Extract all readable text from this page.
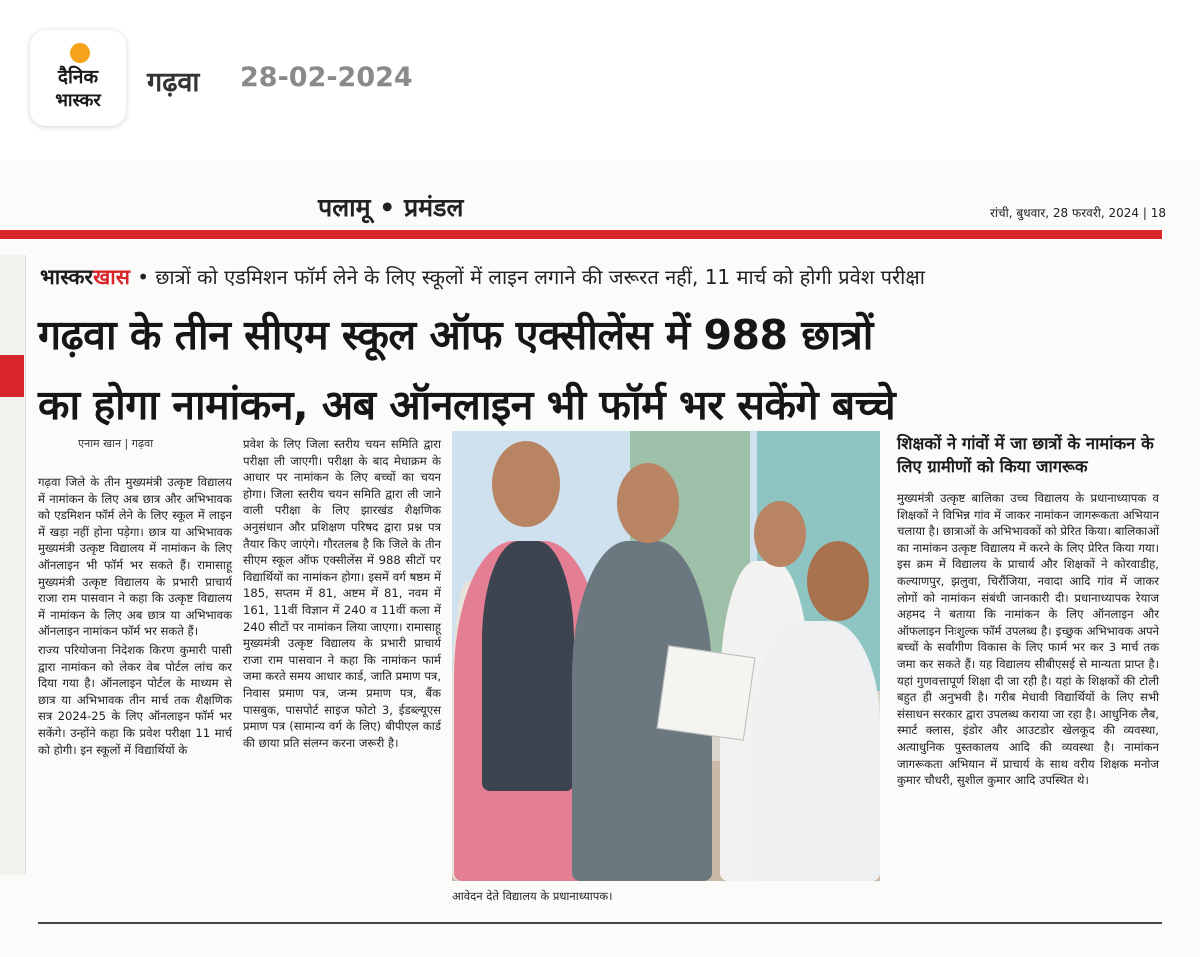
दैनिक
भास्कर
गढ़वा 28-02-2024
पलामू • प्रमंडल	रांची, बुधवार, 28 फरवरी, 2024 | 18
भास्करखास • छात्रों को एडमिशन फॉर्म लेने के लिए स्कूलों में लाइन लगाने की जरूरत नहीं, 11 मार्च को होगी प्रवेश परीक्षा
गढ़वा के तीन सीएम स्कूल ऑफ एक्सीलेंस में 988 छात्रों
का होगा नामांकन, अब ऑनलाइन भी फॉर्म भर सकेंगे बच्चे
एनाम खान | गढ़वा

गढ़वा जिले के तीन मुख्यमंत्री उत्कृष्ट विद्यालय में नामांकन के लिए अब छात्र और अभिभावक को एडमिशन फॉर्म लेने के लिए स्कूल में लाइन में खड़ा नहीं होना पड़ेगा। छात्र या अभिभावक मुख्यमंत्री उत्कृष्ट विद्यालय में नामांकन के लिए ऑनलाइन भी फॉर्म भर सकते हैं। रामासाहू मुख्यमंत्री उत्कृष्ट विद्यालय के प्रभारी प्राचार्य राजा राम पासवान ने कहा कि उत्कृष्ट विद्यालय में नामांकन के लिए अब छात्र या अभिभावक ऑनलाइन नामांकन फॉर्म भर सकते हैं।

राज्य परियोजना निदेशक किरण कुमारी पासी द्वारा नामांकन को लेकर वेब पोर्टल लांच कर दिया गया है। ऑनलाइन पोर्टल के माध्यम से छात्र या अभिभावक तीन मार्च तक शैक्षणिक सत्र 2024-25 के लिए ऑनलाइन फॉर्म भर सकेंगे। उन्होंने कहा कि प्रवेश परीक्षा 11 मार्च को होगी। इन स्कूलों में विद्यार्थियों के

प्रवेश के लिए जिला स्तरीय चयन समिति द्वारा परीक्षा ली जाएगी। परीक्षा के बाद मेधाक्रम के आधार पर नामांकन के लिए बच्चों का चयन होगा। जिला स्तरीय चयन समिति द्वारा ली जाने वाली परीक्षा के लिए झारखंड शैक्षणिक अनुसंधान और प्रशिक्षण परिषद द्वारा प्रश्न पत्र तैयार किए जाएंगे। गौरतलब है कि जिले के तीन सीएम स्कूल ऑफ एक्सीलेंस में 988 सीटों पर विद्यार्थियों का नामांकन होगा। इसमें वर्ग षष्ठम में 185, सप्तम में 81, अष्टम में 81, नवम में 161, 11वीं विज्ञान में 240 व 11वीं कला में 240 सीटों पर नामांकन लिया जाएगा। रामासाहू मुख्यमंत्री उत्कृष्ट विद्यालय के प्रभारी प्राचार्य राजा राम पासवान ने कहा कि नामांकन फार्म जमा करते समय आधार कार्ड, जाति प्रमाण पत्र, निवास प्रमाण पत्र, जन्म प्रमाण पत्र, बैंक पासबुक, पासपोर्ट साइज फोटो 3, ईडब्ल्यूएस प्रमाण पत्र (सामान्य वर्ग के लिए) बीपीएल कार्ड की छाया प्रति संलग्न करना जरूरी है।

आवेदन देते विद्यालय के प्रधानाध्यापक।
शिक्षकों ने गांवों में जा छात्रों के नामांकन के लिए ग्रामीणों को किया जागरूक
मुख्यमंत्री उत्कृष्ट बालिका उच्च विद्यालय के प्रधानाध्यापक व शिक्षकों ने विभिन्न गांव में जाकर नामांकन जागरूकता अभियान चलाया है। छात्राओं के अभिभावकों को प्रेरित किया। बालिकाओं का नामांकन उत्कृष्ट विद्यालय में करने के लिए प्रेरित किया गया। इस क्रम में विद्यालय के प्राचार्य और शिक्षकों ने कोरवाडीह, कल्याणपुर, झलुवा, चिरौंजिया, नवादा आदि गांव में जाकर लोगों को नामांकन संबंधी जानकारी दी। प्रधानाध्यापक रेयाज अहमद ने बताया कि नामांकन के लिए ऑनलाइन और ऑफलाइन निःशुल्क फॉर्म उपलब्ध है। इच्छुक अभिभावक अपने बच्चों के सर्वांगीण विकास के लिए फार्म भर कर 3 मार्च तक जमा कर सकते हैं। यह विद्यालय सीबीएसई से मान्यता प्राप्त है। यहां गुणवत्तापूर्ण शिक्षा दी जा रही है। यहां के शिक्षकों की टोली बहुत ही अनुभवी है। गरीब मेधावी विद्यार्थियों के लिए सभी संसाधन सरकार द्वारा उपलब्ध कराया जा रहा है। आधुनिक लैब, स्मार्ट क्लास, इंडोर और आउटडोर खेलकूद की व्यवस्था, अत्याधुनिक पुस्तकालय आदि की व्यवस्था है। नामांकन जागरूकता अभियान में प्राचार्य के साथ वरीय शिक्षक मनोज कुमार चौधरी, सुशील कुमार आदि उपस्थित थे।
